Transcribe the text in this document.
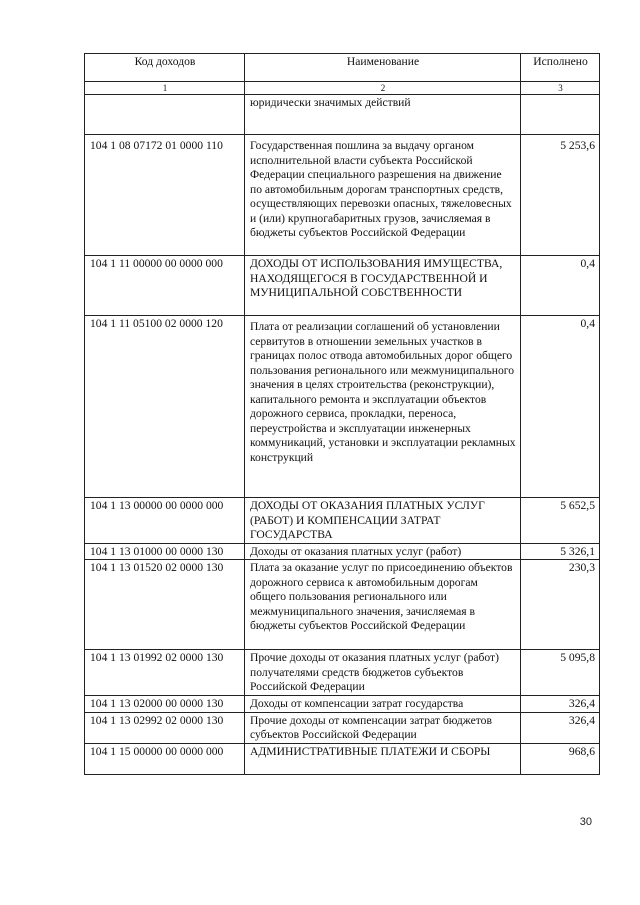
Код доходов	Наименование	Исполнено
1	2	3
	юридически значимых действий	
104 1 08 07172 01 0000 110	Государственная пошлина за выдачу органом исполнительной власти субъекта Российской Федерации специального разрешения на движение по автомобильным дорогам транспортных средств, осуществляющих перевозки опасных, тяжеловесных и (или) крупногабаритных грузов, зачисляемая в бюджеты субъектов Российской Федерации	5 253,6
104 1 11 00000 00 0000 000	ДОХОДЫ ОТ ИСПОЛЬЗОВАНИЯ ИМУЩЕСТВА, НАХОДЯЩЕГОСЯ В ГОСУДАРСТВЕННОЙ И МУНИЦИПАЛЬНОЙ СОБСТВЕННОСТИ	0,4
104 1 11 05100 02 0000 120	Плата от реализации соглашений об установлении сервитутов в отношении земельных участков в границах полос отвода автомобильных дорог общего пользования регионального или межмуниципального значения в целях строительства (реконструкции), капитального ремонта и эксплуатации объектов дорожного сервиса, прокладки, переноса, переустройства и эксплуатации инженерных коммуникаций, установки и эксплуатации рекламных конструкций	0,4
104 1 13 00000 00 0000 000	ДОХОДЫ ОТ ОКАЗАНИЯ ПЛАТНЫХ УСЛУГ (РАБОТ) И КОМПЕНСАЦИИ ЗАТРАТ ГОСУДАРСТВА	5 652,5
104 1 13 01000 00 0000 130	Доходы от оказания платных услуг (работ)	5 326,1
104 1 13 01520 02 0000 130	Плата за оказание услуг по присоединению объектов дорожного сервиса к автомобильным дорогам общего пользования регионального или межмуниципального значения, зачисляемая в бюджеты субъектов Российской Федерации	230,3
104 1 13 01992 02 0000 130	Прочие доходы от оказания платных услуг (работ) получателями средств бюджетов субъектов Российской Федерации	5 095,8
104 1 13 02000 00 0000 130	Доходы от компенсации затрат государства	326,4
104 1 13 02992 02 0000 130	Прочие доходы от компенсации затрат бюджетов субъектов Российской Федерации	326,4
104 1 15 00000 00 0000 000	АДМИНИСТРАТИВНЫЕ ПЛАТЕЖИ И СБОРЫ	968,6
30
